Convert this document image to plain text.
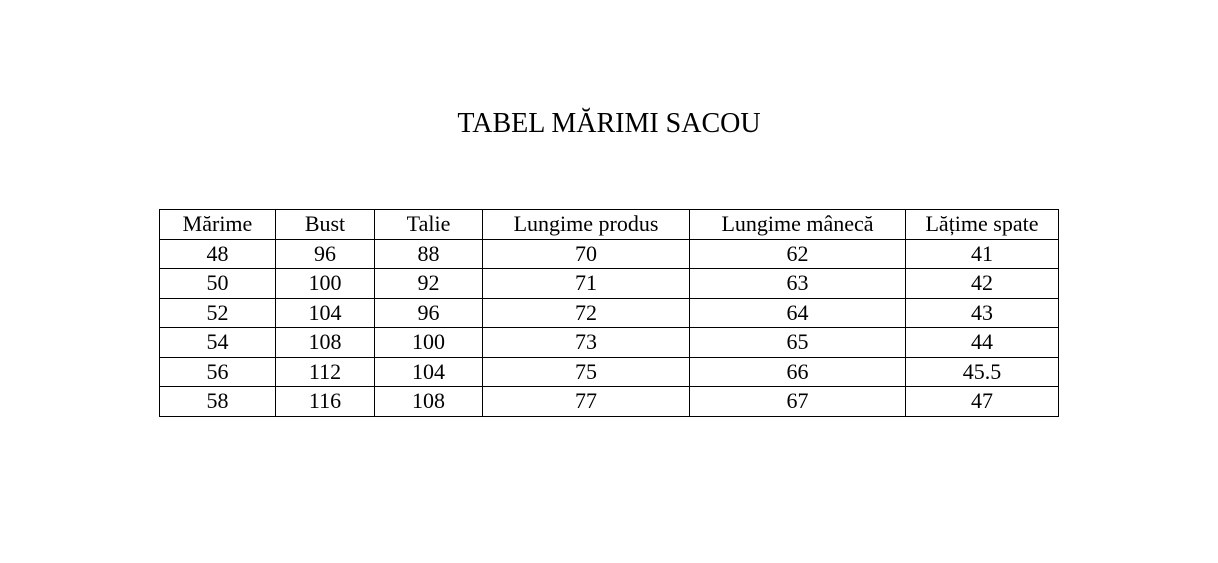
TABEL MĂRIMI SACOU
Mărime	Bust	Talie	Lungime produs	Lungime mânecă	Lățime spate
48	96	88	70	62	41
50	100	92	71	63	42
52	104	96	72	64	43
54	108	100	73	65	44
56	112	104	75	66	45.5
58	116	108	77	67	47
